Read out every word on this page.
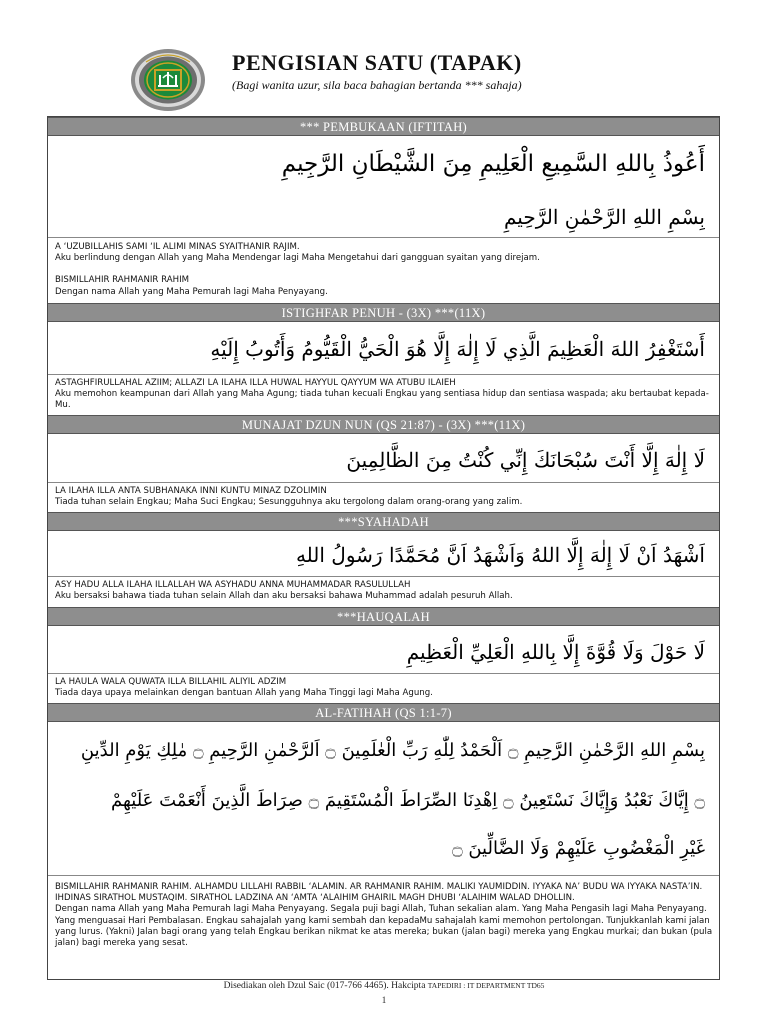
PENGISIAN SATU (TAPAK)
(Bagi wanita uzur, sila baca bahagian bertanda *** sahaja)
*** PEMBUKAAN (IFTITAH)
أَعُوذُ بِاللهِ السَّمِيعِ الْعَلِيمِ مِنَ الشَّيْطَانِ الرَّجِيمِ
بِسْمِ اللهِ الرَّحْمٰنِ الرَّحِيمِ
A ‘UZUBILLAHIS SAMI ‘IL ALIMI MINAS SYAITHANIR RAJIM.
Aku berlindung dengan Allah yang Maha Mendengar lagi Maha Mengetahui dari gangguan syaitan yang direjam.
BISMILLAHIR RAHMANIR RAHIM
Dengan nama Allah yang Maha Pemurah lagi Maha Penyayang.
ISTIGHFAR PENUH - (3X) ***(11X)
أَسْتَغْفِرُ اللهَ الْعَظِيمَ الَّذِي لَا إِلٰهَ إِلَّا هُوَ الْحَيُّ الْقَيُّومُ وَأَتُوبُ إِلَيْهِ
ASTAGHFIRULLAHAL AZIIM; ALLAZI LA ILAHA ILLA HUWAL HAYYUL QAYYUM WA ATUBU ILAIEH
Aku memohon keampunan dari Allah yang Maha Agung; tiada tuhan kecuali Engkau yang sentiasa hidup dan sentiasa waspada; aku bertaubat kepada-Mu.
MUNAJAT DZUN NUN (QS 21:87) - (3X) ***(11X)
لَا إِلٰهَ إِلَّا أَنْتَ سُبْحَانَكَ إِنِّي كُنْتُ مِنَ الظَّالِمِينَ
LA ILAHA ILLA ANTA SUBHANAKA INNI KUNTU MINAZ DZOLIMIN
Tiada tuhan selain Engkau; Maha Suci Engkau; Sesungguhnya aku tergolong dalam orang-orang yang zalim.
***SYAHADAH
اَشْهَدُ اَنْ لَا إِلٰهَ إِلَّا اللهُ وَاَشْهَدُ اَنَّ مُحَمَّدًا رَسُولُ اللهِ
ASY HADU ALLA ILAHA ILLALLAH WA ASYHADU ANNA MUHAMMADAR RASULULLAH
Aku bersaksi bahawa tiada tuhan selain Allah dan aku bersaksi bahawa Muhammad adalah pesuruh Allah.
***HAUQALAH
لَا حَوْلَ وَلَا قُوَّةَ إِلَّا بِاللهِ الْعَلِيِّ الْعَظِيمِ
LA HAULA WALA QUWATA ILLA BILLAHIL ALIYIL ADZIM
Tiada daya upaya melainkan dengan bantuan Allah yang Maha Tinggi lagi Maha Agung.
AL-FATIHAH (QS 1:1-7)
بِسْمِ اللهِ الرَّحْمٰنِ الرَّحِيمِ ۝ اَلْحَمْدُ لِلّٰهِ رَبِّ الْعٰلَمِينَ ۝ اَلرَّحْمٰنِ الرَّحِيمِ ۝ مٰلِكِ يَوْمِ الدِّينِ
۝ إِيَّاكَ نَعْبُدُ وَإِيَّاكَ نَسْتَعِينُ ۝ اِهْدِنَا الصِّرَاطَ الْمُسْتَقِيمَ ۝ صِرَاطَ الَّذِينَ أَنْعَمْتَ عَلَيْهِمْ
غَيْرِ الْمَغْضُوبِ عَلَيْهِمْ وَلَا الضَّالِّينَ ۝
BISMILLAHIR RAHMANIR RAHIM. ALHAMDU LILLAHI RABBIL ‘ALAMIN. AR RAHMANIR RAHIM. MALIKI YAUMIDDIN. IYYAKA NA’ BUDU WA IYYAKA NASTA’IN. IHDINAS SIRATHOL MUSTAQIM. SIRATHOL LADZINA AN ‘AMTA ‘ALAIHIM GHAIRIL MAGH DHUBI ‘ALAIHIM WALAD DHOLLIN.
Dengan nama Allah yang Maha Pemurah lagi Maha Penyayang. Segala puji bagi Allah, Tuhan sekalian alam. Yang Maha Pengasih lagi Maha Penyayang. Yang menguasai Hari Pembalasan. Engkau sahajalah yang kami sembah dan kepadaMu sahajalah kami memohon pertolongan. Tunjukkanlah kami jalan yang lurus. (Yakni) Jalan bagi orang yang telah Engkau berikan nikmat ke atas mereka; bukan (jalan bagi) mereka yang Engkau murkai; dan bukan (pula jalan) bagi mereka yang sesat.
Disediakan oleh Dzul Saic (017-766 4465). Hakcipta TAPEDIRI : IT DEPARTMENT TD65
1
